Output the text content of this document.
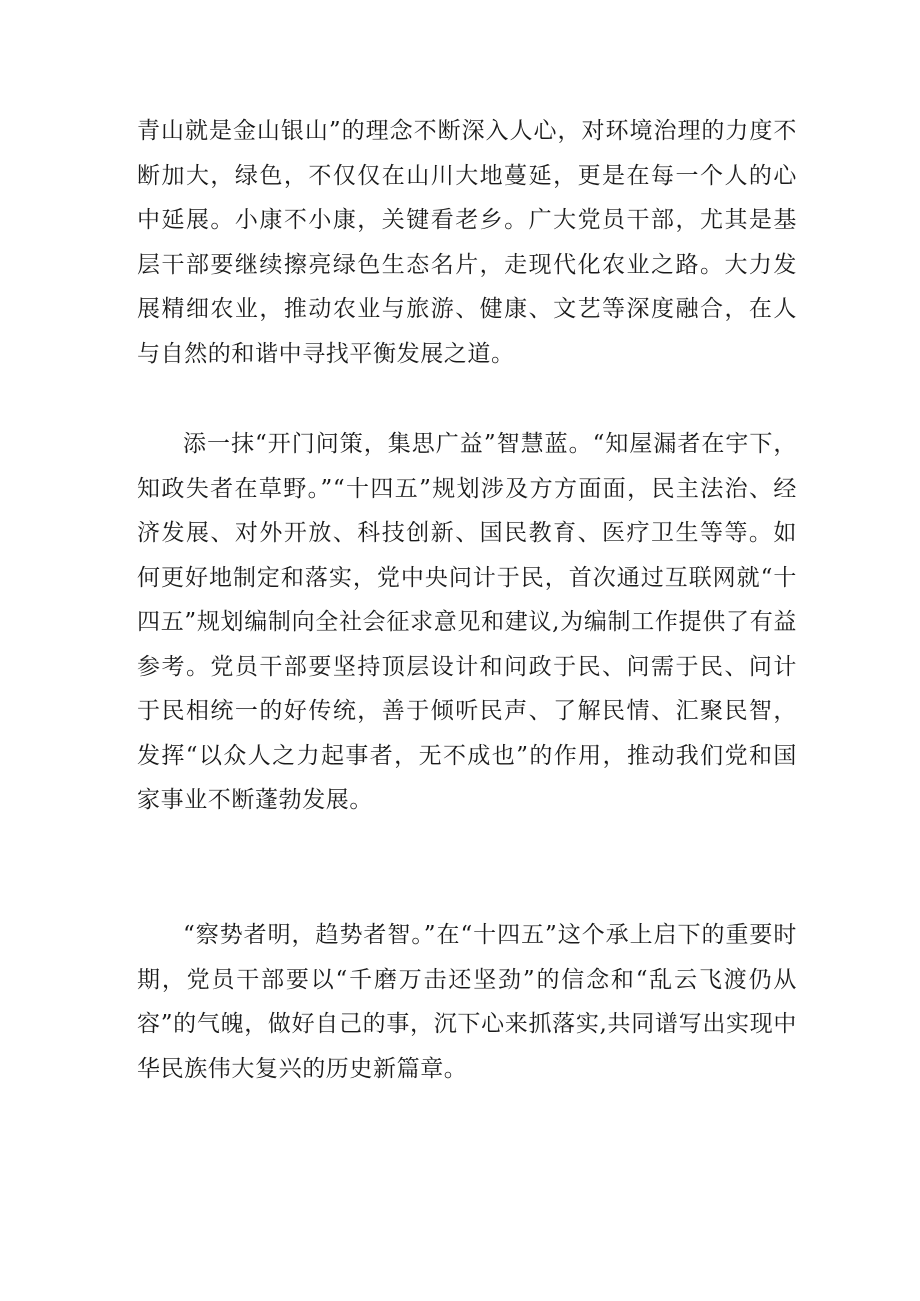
青山就是金山银山”的理念不断深入人心，对环境治理的力度不断加大，绿色，不仅仅在山川大地蔓延，更是在每一个人的心中延展。小康不小康，关键看老乡。广大党员干部，尤其是基层干部要继续擦亮绿色生态名片，走现代化农业之路。大力发展精细农业，推动农业与旅游、健康、文艺等深度融合，在人与自然的和谐中寻找平衡发展之道。

添一抹“开门问策，集思广益”智慧蓝。“知屋漏者在宇下，知政失者在草野。”“十四五”规划涉及方方面面，民主法治、经济发展、对外开放、科技创新、国民教育、医疗卫生等等。如何更好地制定和落实，党中央问计于民，首次通过互联网就“十四五”规划编制向全社会征求意见和建议,为编制工作提供了有益参考。党员干部要坚持顶层设计和问政于民、问需于民、问计于民相统一的好传统，善于倾听民声、了解民情、汇聚民智，发挥“以众人之力起事者，无不成也”的作用，推动我们党和国家事业不断蓬勃发展。

“察势者明，趋势者智。”在“十四五”这个承上启下的重要时期，党员干部要以“千磨万击还坚劲”的信念和“乱云飞渡仍从容”的气魄，做好自己的事，沉下心来抓落实,共同谱写出实现中华民族伟大复兴的历史新篇章。
